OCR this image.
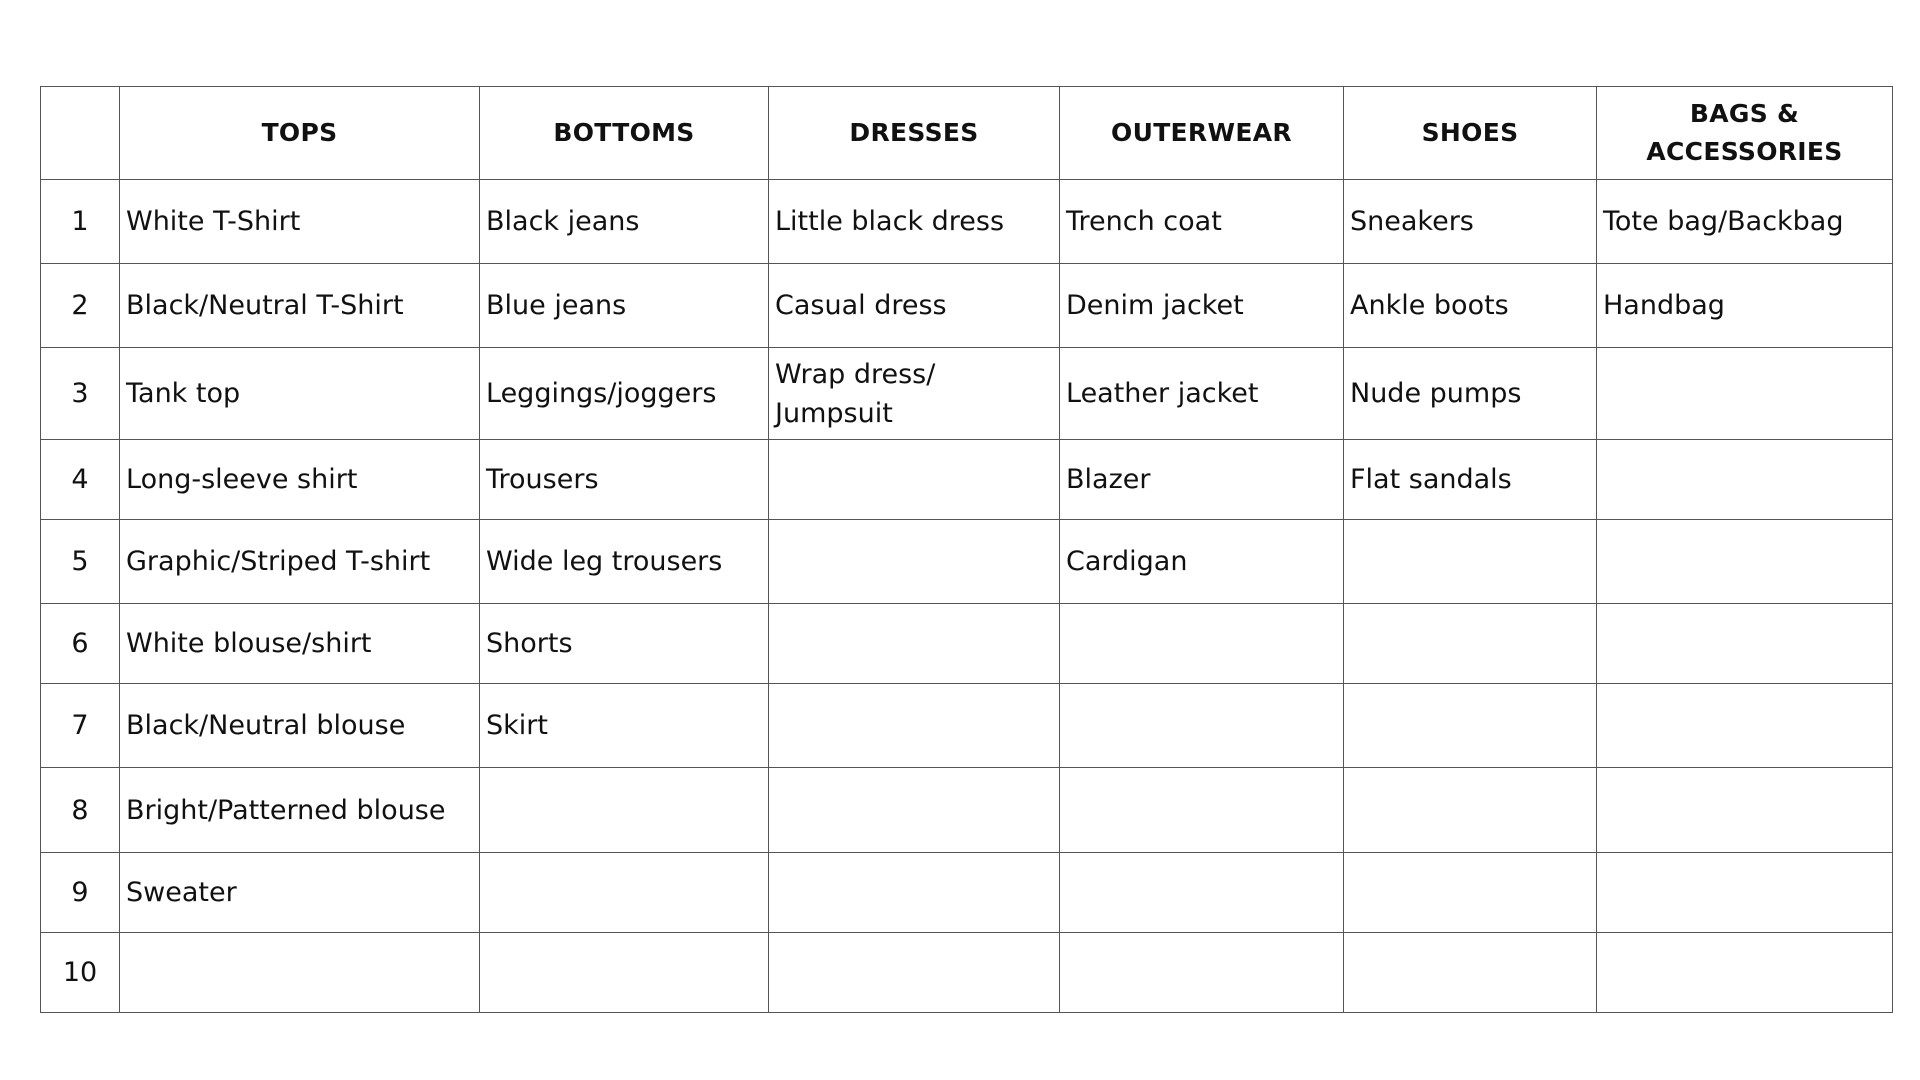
	TOPS	BOTTOMS	DRESSES	OUTERWEAR	SHOES	BAGS & ACCESSORIES
1	White T-Shirt	Black jeans	Little black dress	Trench coat	Sneakers	Tote bag/Backbag
2	Black/Neutral T-Shirt	Blue jeans	Casual dress	Denim jacket	Ankle boots	Handbag
3	Tank top	Leggings/joggers	Wrap dress/ Jumpsuit	Leather jacket	Nude pumps	
4	Long-sleeve shirt	Trousers		Blazer	Flat sandals	
5	Graphic/Striped T-shirt	Wide leg trousers		Cardigan		
6	White blouse/shirt	Shorts				
7	Black/Neutral blouse	Skirt				
8	Bright/Patterned blouse					
9	Sweater					
10						
